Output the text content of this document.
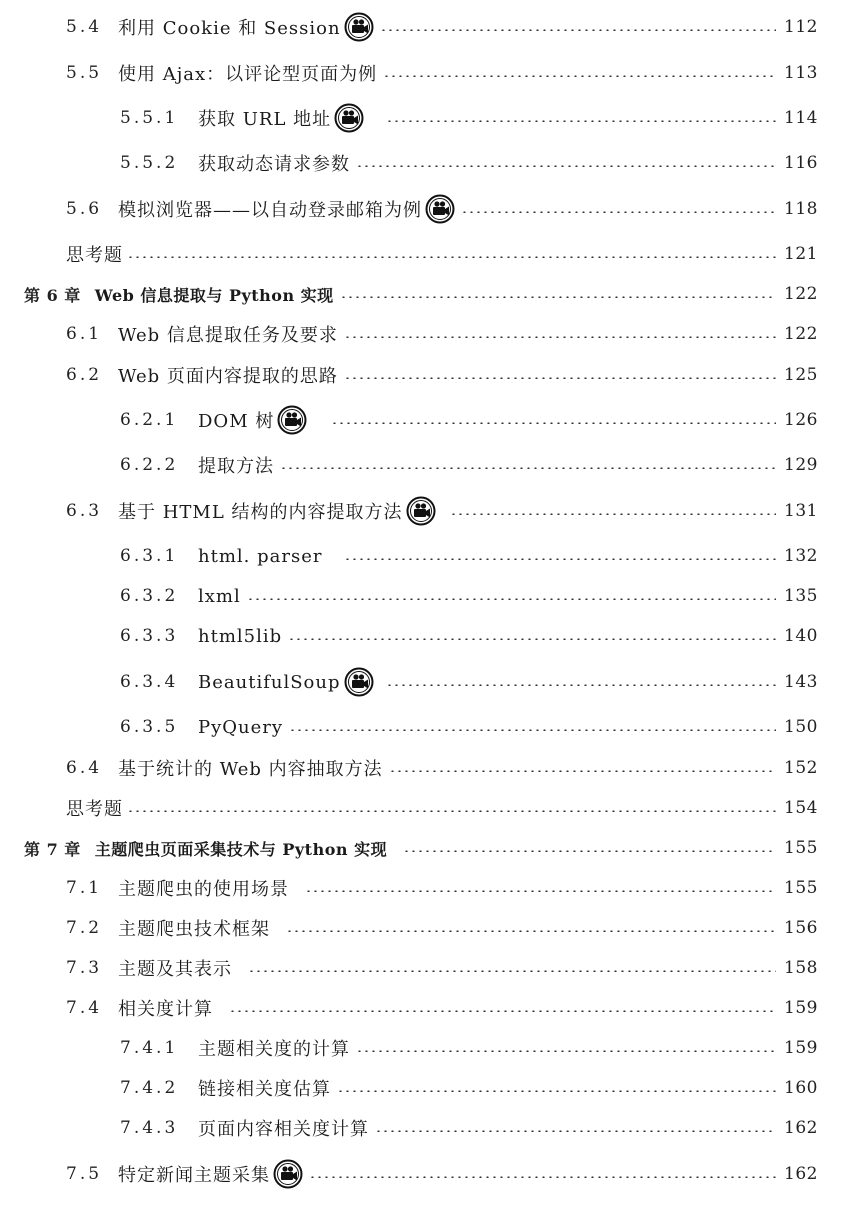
5.4 利用 Cookie 和 Session	112
5.5 使用 Ajax：以评论型页面为例	113
5.5.1	获取 URL 地址	114
5.5.2	获取动态请求参数	116
5.6 模拟浏览器——以自动登录邮箱为例	118
思考题	121
第 6 章 Web 信息提取与 Python 实现	122
6.1 Web 信息提取任务及要求	122
6.2 Web 页面内容提取的思路	125
6.2.1	DOM 树	126
6.2.2	提取方法	129
6.3 基于 HTML 结构的内容提取方法	131
6.3.1	html. parser	132
6.3.2	lxml	135
6.3.3	html5lib	140
6.3.4	BeautifulSoup	143
6.3.5	PyQuery	150
6.4 基于统计的 Web 内容抽取方法	152
思考题	154
第 7 章 主题爬虫页面采集技术与 Python 实现	155
7.1 主题爬虫的使用场景	155
7.2 主题爬虫技术框架	156
7.3 主题及其表示	158
7.4 相关度计算	159
7.4.1	主题相关度的计算	159
7.4.2	链接相关度估算	160
7.4.3	页面内容相关度计算	162
7.5 特定新闻主题采集	162
